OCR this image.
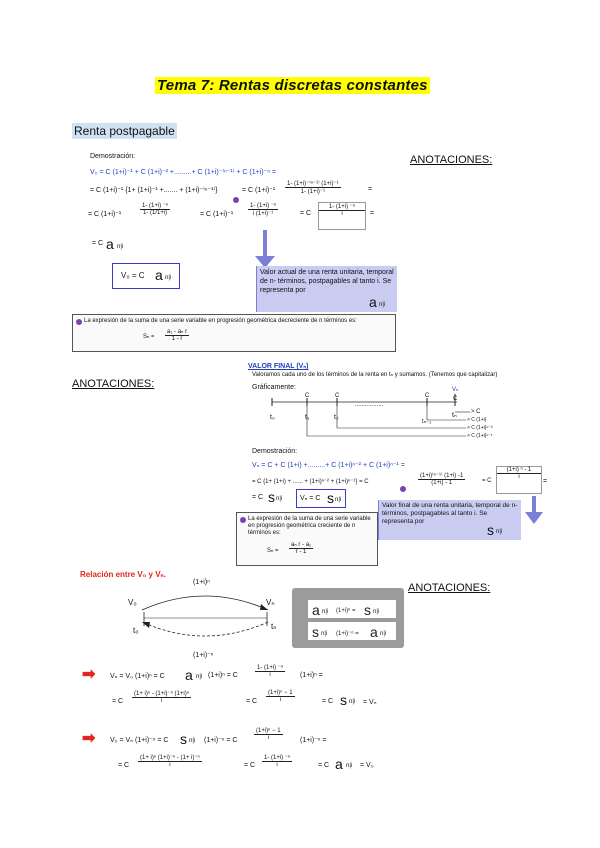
Tema 7: Rentas discretas constantes
Renta postpagable
ANOTACIONES:
ANOTACIONES:
ANOTACIONES:
Demostración:
V₀ = C (1+i)⁻¹ + C (1+i)⁻² +.........+ C (1+i)⁻⁽ⁿ⁻¹⁾ + C (1+i)⁻ⁿ =
= C (1+i)⁻¹ {1+ (1+i)⁻¹ +....... + (1+i)⁻⁽ⁿ⁻¹⁾}	= C $(1+i)^{-1} \frac{\text{1- (1+i)⁻⁽ⁿ⁻¹⁾ (1+i)⁻¹}}{\text{1- (1+i)⁻¹}}$	=
= C (1+i)⁻¹	$\frac{\text{1- (1+i) ⁻ⁿ}}{1- (1/1+i)}$	= C $(1+i)^{-1} \frac{\text{1- (1+i) ⁻ⁿ}}{\text{i (1+i)⁻¹}}$	= C $\frac{\text{1- (1+i) ⁻ⁿ}}{i}$ =
= C a n|i
V₀ = C a n|i
Valor actual de una renta unitaria, temporal de n- términos, postpagables al tanto i. Se representa por
a n|i
La expresión de la suma de una serie variable en progresión geométrica decreciente de n términos es:
$S_n = \frac{\text{a₁ - aₙ r}}{1 - r}$
VALOR FINAL (Vₙ)
Valoramos cada uno de los términos de la renta en tₙ y sumamos. (Tenemos que capitalizar)
Gráficamente:	Vₙ
C	C
.................
C	C
t₀	t₁	t₂
tₙ₋₁
tₙ > C
> C (1+i)
> C (1+i)ⁿ⁻²
> C (1+i)ⁿ⁻¹
Demostración:
Vₙ = C + C (1+i) +.........+ C (1+i)ⁿ⁻² + C (1+i)ⁿ⁻¹ =
= C {1+ (1+i) + ...... + (1+i)ⁿ⁻² + (1+i)ⁿ⁻¹} = C	$\frac{\text{(1+i)⁽ⁿ⁻¹⁾ (1+i) -1}}{(1+i) - 1}$	= C $\frac{\text{(1+i) ⁿ - 1}}{i}$ =
= C s n|i	Vₙ = C s n|i
La expresión de la suma de una serie variable en progresión geométrica creciente de n términos es:
$S_n = \frac{\text{aₙ r - a₁}}{r - 1}$
Valor final de una renta unitaria, temporal de n- términos, postpagables al tanto i. Se representa por
s n|i
Relación entre V₀ y Vₙ.
(1+i)ⁿ
(1+i)⁻ⁿ
V₀	Vₙ
t₀	tₙ
a n|i (1+i)ⁿ = s n|i
s n|i (1+i)⁻ⁿ = a n|i
➡ Vₙ = V₀ (1+i)ⁿ = C a n|i (1+i)ⁿ = C	$\frac{\text{1- (1+i) ⁻ⁿ}}{i} (1+i)^n$ =
= C $\frac{\text{(1+ i)ⁿ - (1+i)⁻ⁿ (1+i)ⁿ}}{i}$	= C $\frac{\text{(1+i)ⁿ − 1}}{i}$	= C s n|i = Vₙ
➡ V₀ = Vₙ (1+i)⁻ⁿ = C s n|i (1+i)⁻ⁿ = C	$\frac{\text{(1+i)ⁿ − 1}}{i} (1+i)^{-n}$ =
= C $\frac{\text{(1+ i)ⁿ (1+i)⁻ⁿ - (1+ i)⁻ⁿ}}{i}$	= C $\frac{\text{1- (1+i) ⁻ⁿ}}{i}$	= C a n|i = V₀
